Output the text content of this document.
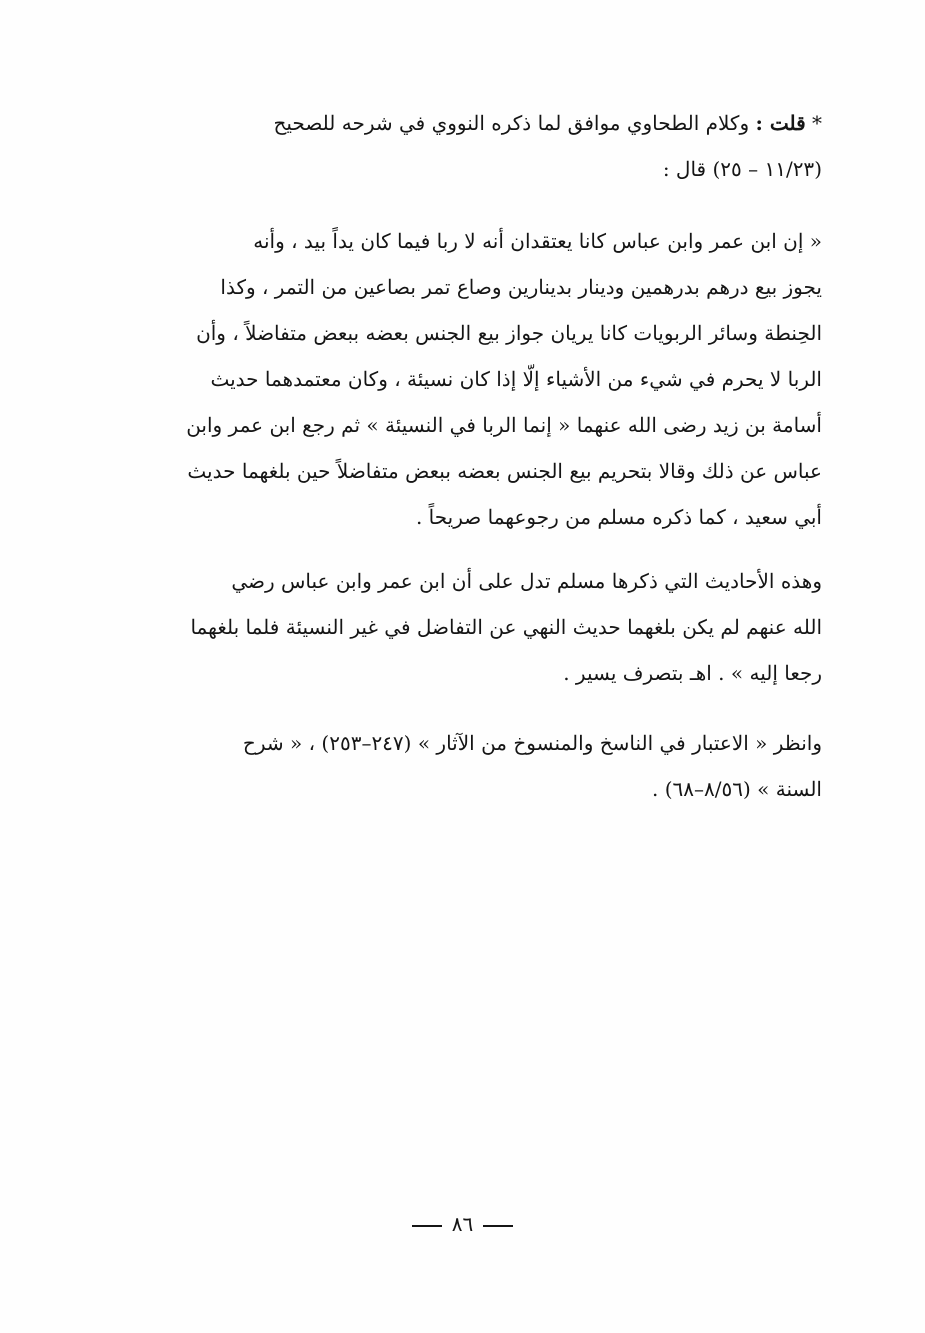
* قلت : وكلام الطحاوي موافق لما ذكره النووي في شرحه للصحيح
(١١/٢٣ – ٢٥) قال :
« إن ابن عمر وابن عباس كانا يعتقدان أنه لا ربا فيما كان يداً بيد ، وأنه
يجوز بيع درهم بدرهمين ودينار بدينارين وصاع تمر بصاعين من التمر ، وكذا
الحِنطة وسائر الربويات كانا يريان جواز بيع الجنس بعضه ببعض متفاضلاً ، وأن
الربا لا يحرم في شيء من الأشياء إلّا إذا كان نسيئة ، وكان معتمدهما حديث
أسامة بن زيد رضى الله عنهما « إنما الربا في النسيئة » ثم رجع ابن عمر وابن
عباس عن ذلك وقالا بتحريم بيع الجنس بعضه ببعض متفاضلاً حين بلغهما حديث
أبي سعيد ، كما ذكره مسلم من رجوعهما صريحاً .
وهذه الأحاديث التي ذكرها مسلم تدل على أن ابن عمر وابن عباس رضي
الله عنهم لم يكن بلغهما حديث النهي عن التفاضل في غير النسيئة فلما بلغهما
رجعا إليه » . اهـ بتصرف يسير .
وانظر « الاعتبار في الناسخ والمنسوخ من الآثار » (٢٤٧–٢٥٣) ، « شرح
السنة » (٨/٥٦–٦٨) .
٨٦
